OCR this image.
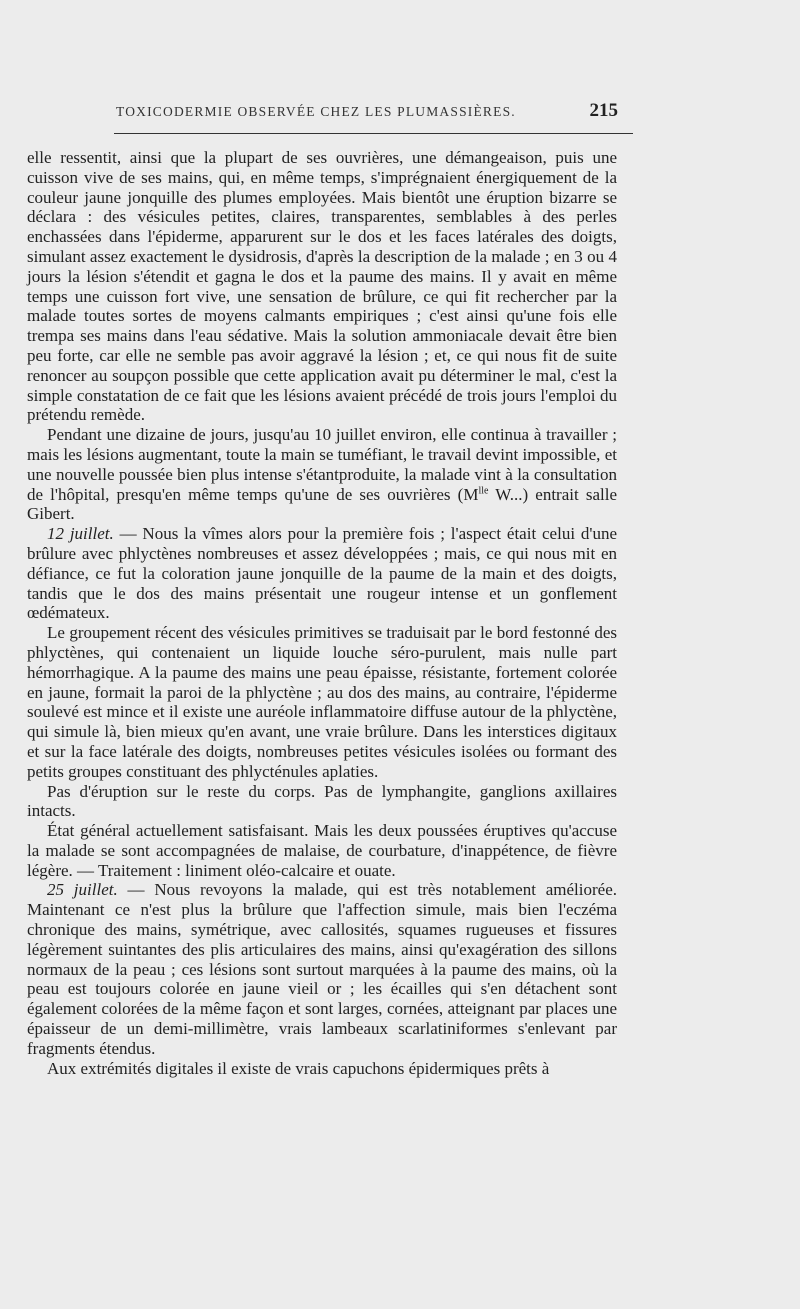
TOXICODERMIE OBSERVÉE CHEZ LES PLUMASSIÈRES.	215

elle ressentit, ainsi que la plupart de ses ouvrières, une démangeaison, puis une cuisson vive de ses mains, qui, en même temps, s'imprégnaient énergiquement de la couleur jaune jonquille des plumes employées. Mais bientôt une éruption bizarre se déclara : des vésicules petites, claires, transparentes, semblables à des perles enchassées dans l'épiderme, apparurent sur le dos et les faces latérales des doigts, simulant assez exactement le dysidrosis, d'après la description de la malade ; en 3 ou 4 jours la lésion s'étendit et gagna le dos et la paume des mains. Il y avait en même temps une cuisson fort vive, une sensation de brûlure, ce qui fit rechercher par la malade toutes sortes de moyens calmants empiriques ; c'est ainsi qu'une fois elle trempa ses mains dans l'eau sédative. Mais la solution ammoniacale devait être bien peu forte, car elle ne semble pas avoir aggravé la lésion ; et, ce qui nous fit de suite renoncer au soupçon possible que cette application avait pu déterminer le mal, c'est la simple constatation de ce fait que les lésions avaient précédé de trois jours l'emploi du prétendu remède.

Pendant une dizaine de jours, jusqu'au 10 juillet environ, elle continua à travailler ; mais les lésions augmentant, toute la main se tuméfiant, le travail devint impossible, et une nouvelle poussée bien plus intense s'étantproduite, la malade vint à la consultation de l'hôpital, presqu'en même temps qu'une de ses ouvrières ($M^{lle}$ W...) entrait salle Gibert.

12 juillet. — Nous la vîmes alors pour la première fois ; l'aspect était celui d'une brûlure avec phlyctènes nombreuses et assez développées ; mais, ce qui nous mit en défiance, ce fut la coloration jaune jonquille de la paume de la main et des doigts, tandis que le dos des mains présentait une rougeur intense et un gonflement œdémateux.

Le groupement récent des vésicules primitives se traduisait par le bord festonné des phlyctènes, qui contenaient un liquide louche séro-purulent, mais nulle part hémorrhagique. A la paume des mains une peau épaisse, résistante, fortement colorée en jaune, formait la paroi de la phlyctène ; au dos des mains, au contraire, l'épiderme soulevé est mince et il existe une auréole inflammatoire diffuse autour de la phlyctène, qui simule là, bien mieux qu'en avant, une vraie brûlure. Dans les interstices digitaux et sur la face latérale des doigts, nombreuses petites vésicules isolées ou formant des petits groupes constituant des phlycténules aplaties.

Pas d'éruption sur le reste du corps. Pas de lymphangite, ganglions axillaires intacts.

État général actuellement satisfaisant. Mais les deux poussées éruptives qu'accuse la malade se sont accompagnées de malaise, de courbature, d'inappétence, de fièvre légère. — Traitement : liniment oléo-calcaire et ouate.

25 juillet. — Nous revoyons la malade, qui est très notablement améliorée. Maintenant ce n'est plus la brûlure que l'affection simule, mais bien l'eczéma chronique des mains, symétrique, avec callosités, squames rugueuses et fissures légèrement suintantes des plis articulaires des mains, ainsi qu'exagération des sillons normaux de la peau ; ces lésions sont surtout marquées à la paume des mains, où la peau est toujours colorée en jaune vieil or ; les écailles qui s'en détachent sont également colorées de la même façon et sont larges, cornées, atteignant par places une épaisseur de un demi-millimètre, vrais lambeaux scarlatiniformes s'enlevant par fragments étendus.

Aux extrémités digitales il existe de vrais capuchons épidermiques prêts à
